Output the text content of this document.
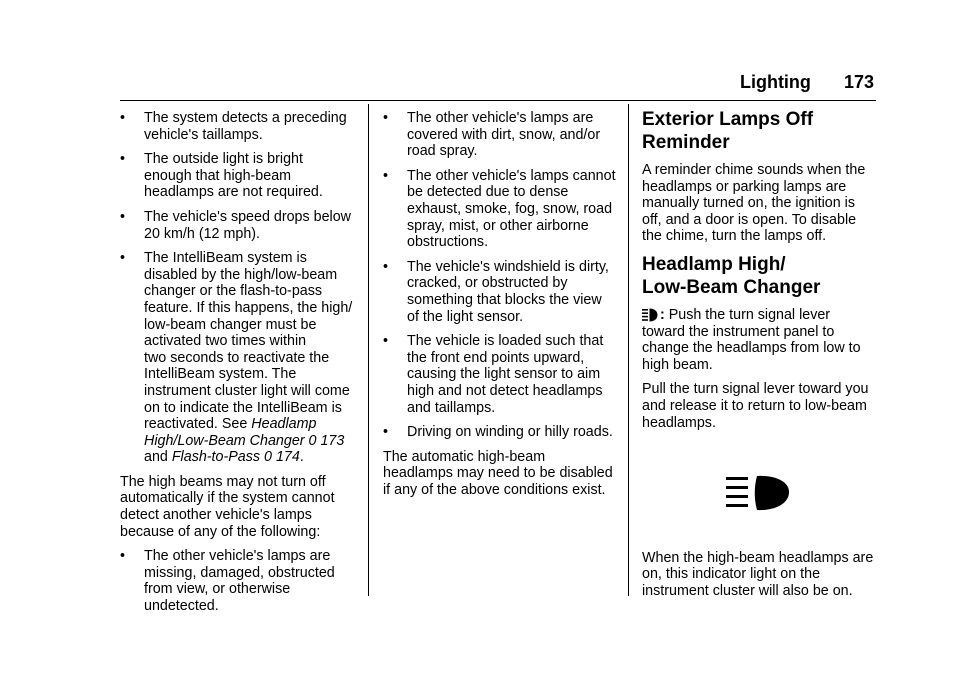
Lighting 173
•	The system detects a preceding
vehicle's taillamps.
•	The outside light is bright
enough that high-beam
headlamps are not required.
•	The vehicle's speed drops below
20 km/h (12 mph).
•	The IntelliBeam system is
disabled by the high/low-beam
changer or the flash-to-pass
feature. If this happens, the high/
low-beam changer must be
activated two times within
two seconds to reactivate the
IntelliBeam system. The
instrument cluster light will come
on to indicate the IntelliBeam is
reactivated. See Headlamp
High/Low-Beam Changer 0 173
and Flash-to-Pass 0 174.

The high beams may not turn off
automatically if the system cannot
detect another vehicle's lamps
because of any of the following:

•	The other vehicle's lamps are
missing, damaged, obstructed
from view, or otherwise
undetected.
•	The other vehicle's lamps are
covered with dirt, snow, and/or
road spray.
•	The other vehicle's lamps cannot
be detected due to dense
exhaust, smoke, fog, snow, road
spray, mist, or other airborne
obstructions.
•	The vehicle's windshield is dirty,
cracked, or obstructed by
something that blocks the view
of the light sensor.
•	The vehicle is loaded such that
the front end points upward,
causing the light sensor to aim
high and not detect headlamps
and taillamps.
•	Driving on winding or hilly roads.

The automatic high-beam
headlamps may need to be disabled
if any of the above conditions exist.

Exterior Lamps Off
Reminder

A reminder chime sounds when the
headlamps or parking lamps are
manually turned on, the ignition is
off, and a door is open. To disable
the chime, turn the lamps off.

Headlamp High/
Low-Beam Changer

: Push the turn signal lever
toward the instrument panel to
change the headlamps from low to
high beam.

Pull the turn signal lever toward you
and release it to return to low-beam
headlamps.

When the high-beam headlamps are
on, this indicator light on the
instrument cluster will also be on.
